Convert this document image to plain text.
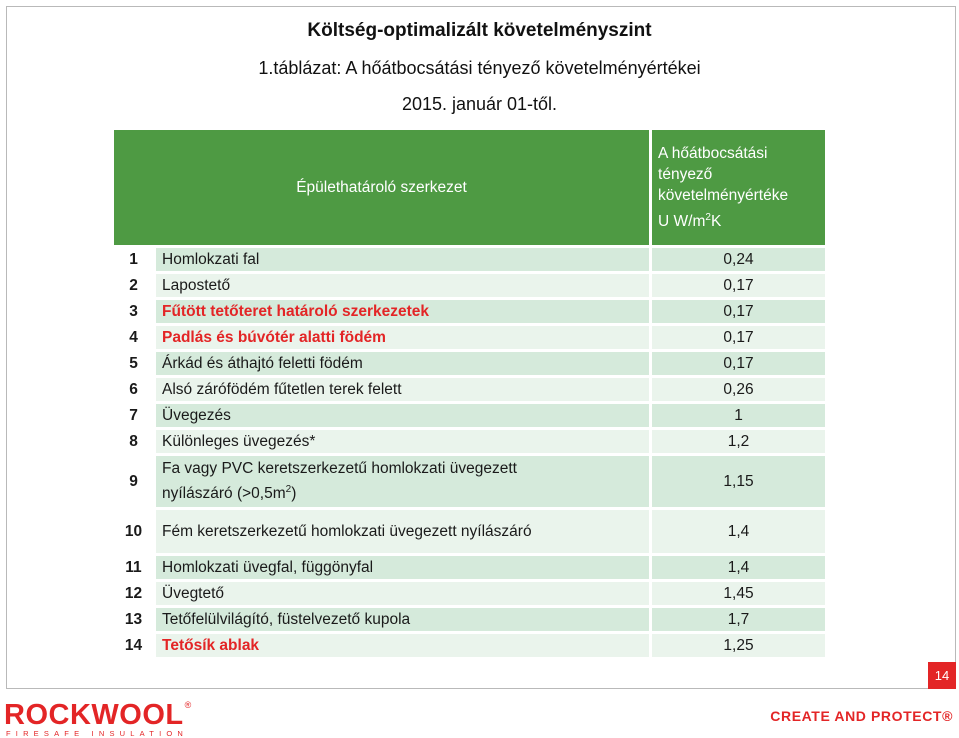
Költség-optimalizált követelményszint

1.táblázat: A hőátbocsátási tényező követelményértékei

2015. január 01-től.

Épülethatároló szerkezet		A hőátbocsátási
tényező
követelményértéke
U $W/m^2K$
1	Homlokzati fal	0,24
2	Lapostető	0,17
3	Fűtött tetőteret határoló szerkezetek	0,17
4	Padlás és búvótér alatti födém	0,17
5	Árkád és áthajtó feletti födém	0,17
6	Alsó zárófödém fűtetlen terek felett	0,26
7	Üvegezés	1
8	Különleges üvegezés*	1,2
9	Fa vagy PVC keretszerkezetű homlokzati üvegezett
nyílászáró $(>0,5m^2)$	1,15
10	Fém keretszerkezetű homlokzati üvegezett nyílászáró	1,4
11	Homlokzati üvegfal, függönyfal	1,4
12	Üvegtető	1,45
13	Tetőfelülvilágító, füstelvezető kupola	1,7
14	Tetősík ablak	1,25
14
ROCKWOOL®
FIRESAFE INSULATION
CREATE AND PROTECT®
